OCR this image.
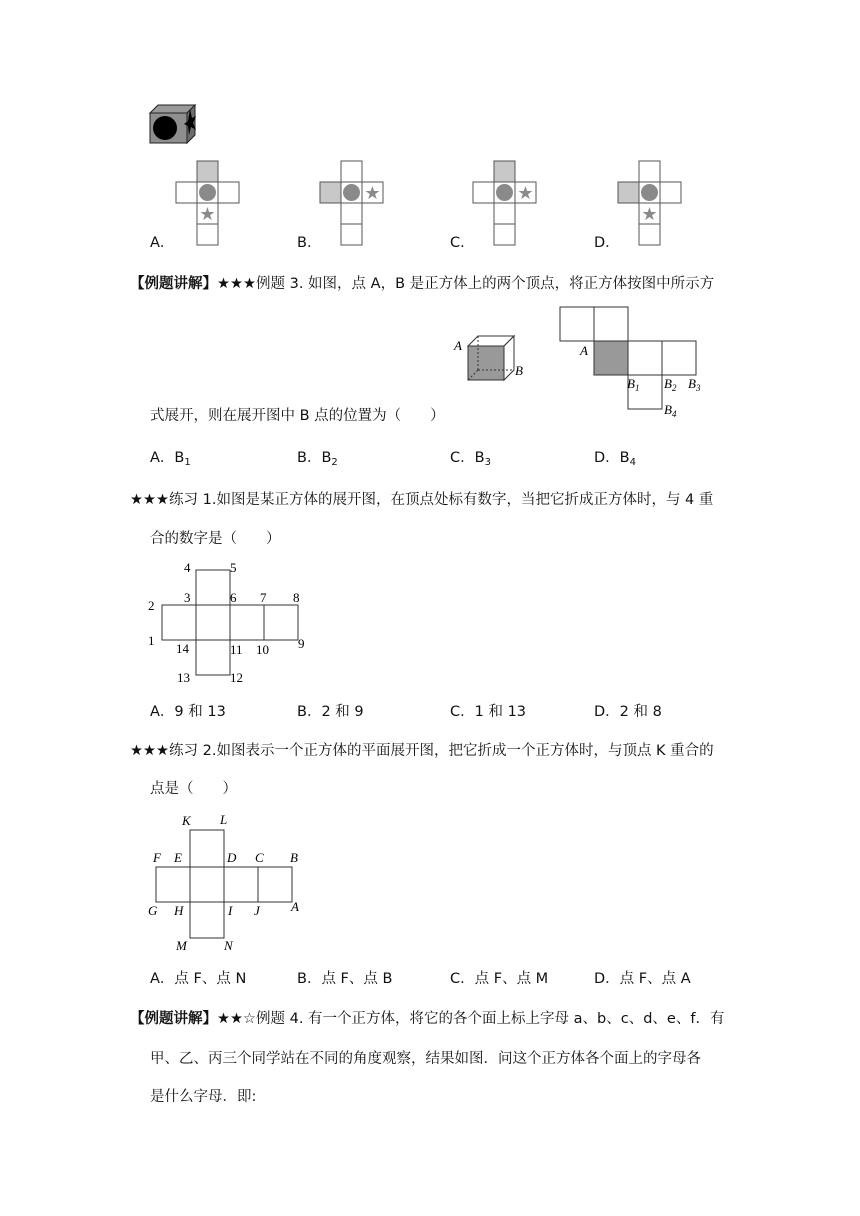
★
A．
★
B．
★
C．
★
D．
【例题讲解】★★★例题 3. 如图，点 A，B 是正方体上的两个顶点，将正方体按图中所示方
A
B
A
$B_1$ $B_2$ $B_3$
$B_4$
式展开，则在展开图中 B 点的位置为（　　）
A．$B_1$	B．$B_2$	C．$B_3$	D．$B_4$
★★★练习 1.如图是某正方体的展开图，在顶点处标有数字，当把它折成正方体时，与 4 重
合的数字是（　　）
4	5
3	6 7 8
2
1	9
14	11 10
13	12
A．9 和 13	B．2 和 9	C．1 和 13	D．2 和 8
★★★练习 2.如图表示一个正方体的平面展开图，把它折成一个正方体时，与顶点 K 重合的
点是（　　）
K L
F E	D C B
G H	I J A
M	N
A．点 F、点 N	B．点 F、点 B	C．点 F、点 M	D．点 F、点 A
【例题讲解】★★☆例题 4. 有一个正方体，将它的各个面上标上字母 a、b、c、d、e、f．有
甲、乙、丙三个同学站在不同的角度观察，结果如图．问这个正方体各个面上的字母各
是什么字母．即:
